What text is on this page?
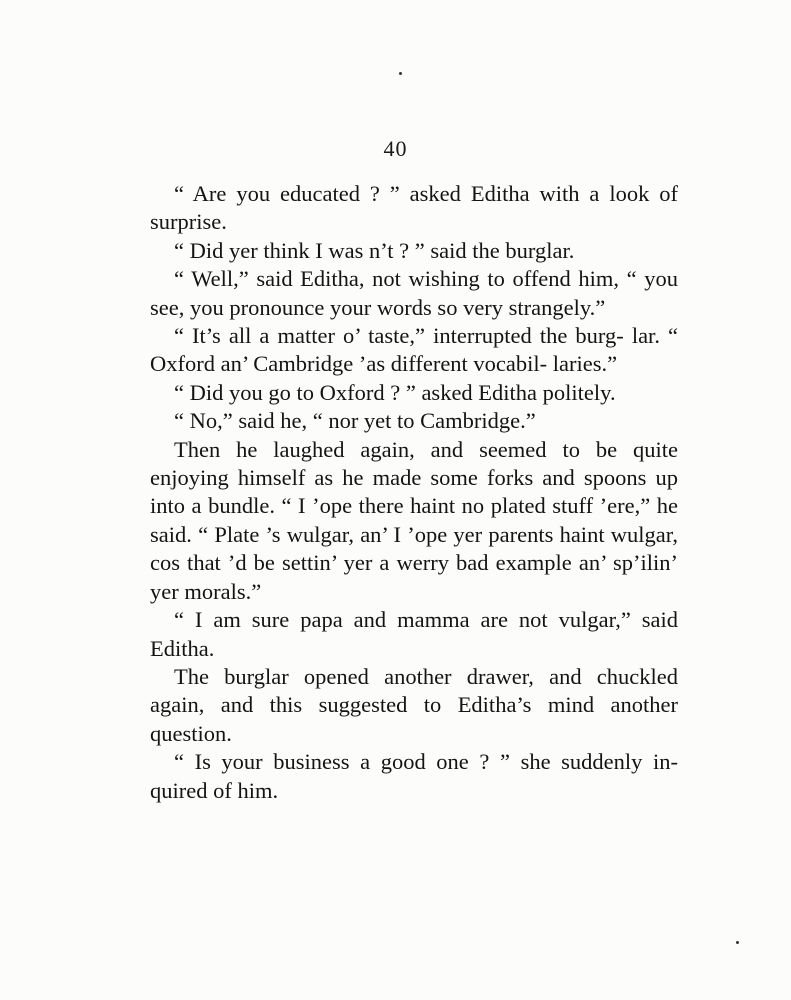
40

“ Are you educated ? ” asked Editha with a look of surprise.

“ Did yer think I was n’t ? ” said the burglar.

“ Well,” said Editha, not wishing to offend him, “ you see, you pronounce your words so very strangely.”

“ It’s all a matter o’ taste,” interrupted the burg- lar. “ Oxford an’ Cambridge ’as different vocabil- laries.”

“ Did you go to Oxford ? ” asked Editha politely.

“ No,” said he, “ nor yet to Cambridge.”

Then he laughed again, and seemed to be quite enjoying himself as he made some forks and spoons up into a bundle. “ I ’ope there haint no plated stuff ’ere,” he said. “ Plate ’s wulgar, an’ I ’ope yer parents haint wulgar, cos that ’d be settin’ yer a werry bad example an’ sp’ilin’ yer morals.”

“ I am sure papa and mamma are not vulgar,” said Editha.

The burglar opened another drawer, and chuckled again, and this suggested to Editha’s mind another question.

“ Is your business a good one ? ” she suddenly in- quired of him.
